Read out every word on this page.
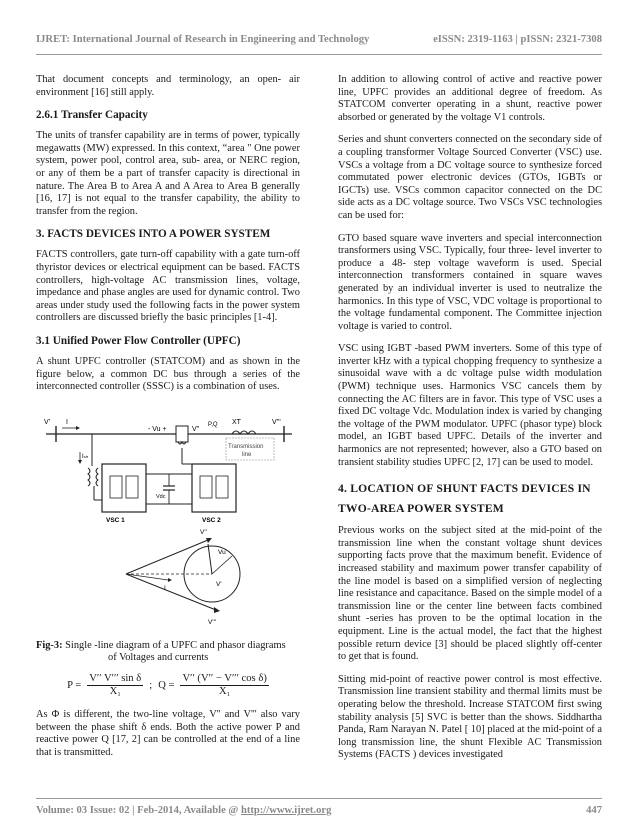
IJRET: International Journal of Research in Engineering and Technology	eISSN: 2319-1163 | pISSN: 2321-7308

That document concepts and terminology, an open- air environment [16] still apply.

2.6.1 Transfer Capacity

The units of transfer capability are in terms of power, typically megawatts (MW) expressed. In this context, “area " One power system, power pool, control area, sub- area, or NERC region, or any of them be a part of transfer capacity is directional in nature. The Area B to Area A and A Area to Area B generally [16, 17] is not equal to the transfer capability, the ability to transfer from the region.

3. FACTS DEVICES INTO A POWER SYSTEM

FACTS controllers, gate turn-off capability with a gate turn-off thyristor devices or electrical equipment can be based. FACTS controllers, high-voltage AC transmission lines, voltage, impedance and phase angles are used for dynamic control. Two areas under study used the following facts in the power system controllers are discussed briefly the basic principles [1-4].

3.1 Unified Power Flow Controller (UPFC)

A shunt UPFC controller (STATCOM) and as shown in the figure below, a common DC bus through a series of the interconnected controller (SSSC) is a combination of uses.

V' I
Iₛₕ
- Vu +	V''
P,Q XT	V'''
Transmission
line
Vdc
VSC 1	VSC 2
V''
Vu
V'
I
V'''
Fig-3: Single -line diagram of a UPFC and phasor diagrams
of Voltages and currents
$P = \frac{\text{V′′ V′′′ sin δ}}{\text{X₁}}$ ; $Q = \frac{\text{V′′ (V′′ − V′′′ cos δ)}}{\text{X₁}}$

As Φ is different, the two-line voltage, V'' and V''' also vary between the phase shift δ ends. Both the active power P and reactive power Q [17, 2] can be controlled at the end of a line that is transmitted.

In addition to allowing control of active and reactive power line, UPFC provides an additional degree of freedom. As STATCOM converter operating in a shunt, reactive power absorbed or generated by the voltage V1 controls.

Series and shunt converters connected on the secondary side of a coupling transformer Voltage Sourced Converter (VSC) use. VSCs a voltage from a DC voltage source to synthesize forced commutated power electronic devices (GTOs, IGBTs or IGCTs) use. VSCs common capacitor connected on the DC side acts as a DC voltage source. Two VSCs VSC technologies can be used for:

GTO based square wave inverters and special interconnection transformers using VSC. Typically, four three- level inverter to produce a 48- step voltage waveform is used. Special interconnection transformers contained in square waves generated by an individual inverter is used to neutralize the harmonics. In this type of VSC, VDC voltage is proportional to the voltage fundamental component. The Committee injection voltage is varied to control.

VSC using IGBT -based PWM inverters. Some of this type of inverter kHz with a typical chopping frequency to synthesize a sinusoidal wave with a dc voltage pulse width modulation (PWM) technique uses. Harmonics VSC cancels them by connecting the AC filters are in favor. This type of VSC uses a fixed DC voltage Vdc. Modulation index is varied by changing the voltage of the PWM modulator. UPFC (phasor type) block model, an IGBT based UPFC. Details of the inverter and harmonics are not represented; however, also a GTO based on transient stability studies UPFC [2, 17] can be used to model.

4. LOCATION OF SHUNT FACTS DEVICES IN TWO-AREA POWER SYSTEM

Previous works on the subject sited at the mid-point of the transmission line when the constant voltage shunt devices supporting facts prove that the maximum benefit. Evidence of increased stability and maximum power transfer capability of the line model is based on a simplified version of neglecting line resistance and capacitance. Based on the simple model of a transmission line or the center line between facts combined shunt -series has proven to be the optimal location in the equipment. Line is the actual model, the fact that the highest possible return device [3] should be placed slightly off-center to get that is found.

Sitting mid-point of reactive power control is most effective. Transmission line transient stability and thermal limits must be operating below the threshold. Increase STATCOM first swing stability analysis [5] SVC is better than the shows. Siddhartha Panda, Ram Narayan N. Patel [ 10] placed at the mid-point of a long transmission line, the shunt Flexible AC Transmission Systems (FACTS ) devices investigated

Volume: 03 Issue: 02 | Feb-2014, Available @ http://www.ijret.org	447
